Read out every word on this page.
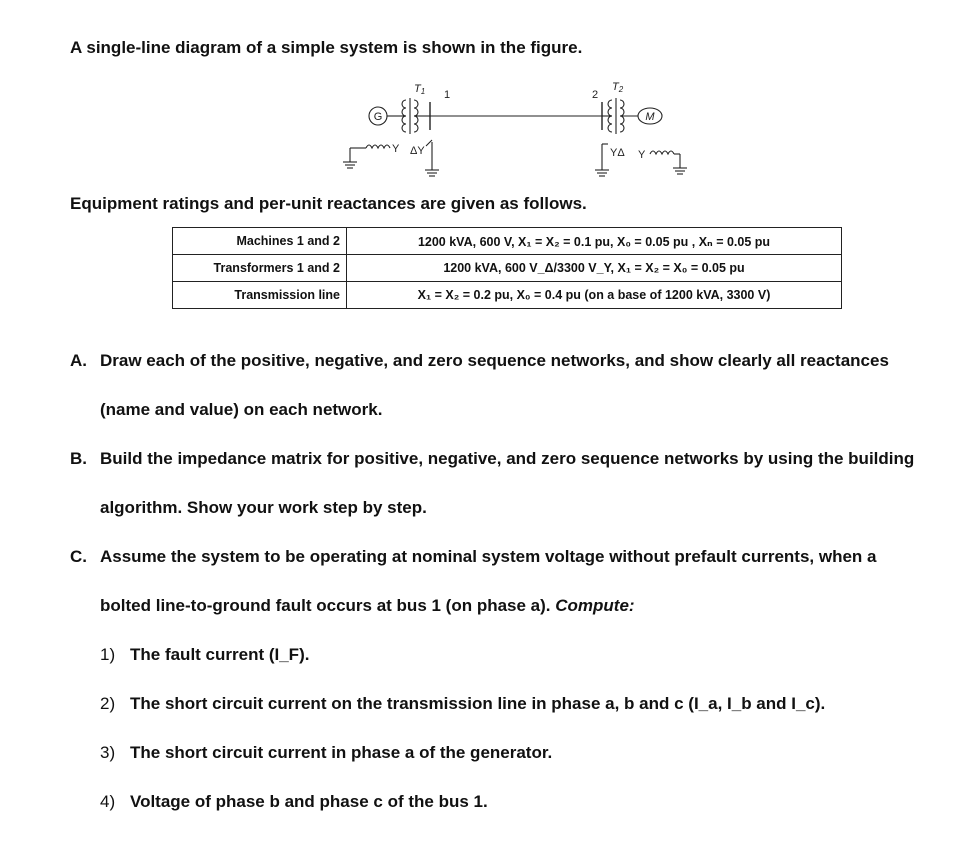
A single-line diagram of a simple system is shown in the figure.
G
T1 1	2
T2
M
Y ΔY	YΔ Y
Equipment ratings and per-unit reactances are given as follows.
Machines 1 and 2	1200 kVA, 600 V, X₁ = X₂ = 0.1 pu, X₀ = 0.05 pu , Xₙ = 0.05 pu
Transformers 1 and 2	1200 kVA, 600 V_Δ/3300 V_Y, X₁ = X₂ = X₀ = 0.05 pu
Transmission line	X₁ = X₂ = 0.2 pu, X₀ = 0.4 pu (on a base of 1200 kVA, 3300 V)
A. Draw each of the positive, negative, and zero sequence networks, and show clearly all reactances
(name and value) on each network.
B. Build the impedance matrix for positive, negative, and zero sequence networks by using the building
algorithm. Show your work step by step.
C. Assume the system to be operating at nominal system voltage without prefault currents, when a
bolted line-to-ground fault occurs at bus 1 (on phase a). Compute:
1) The fault current (I_F).
2) The short circuit current on the transmission line in phase a, b and c (I_a, I_b and I_c).
3) The short circuit current in phase a of the generator.
4) Voltage of phase b and phase c of the bus 1.
